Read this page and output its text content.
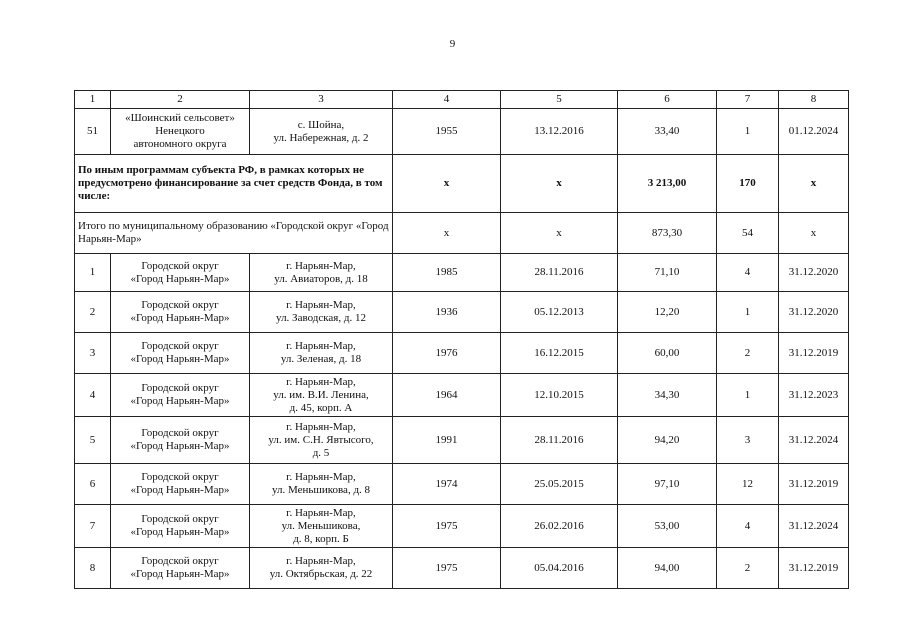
9
1	2	3	4	5	6	7	8
51	«Шоинский сельсовет»
Ненецкого
автономного округа	с. Шойна,
ул. Набережная, д. 2	1955	13.12.2016	33,40	1	01.12.2024
По иным программам субъекта РФ, в рамках которых не предусмотрено финансирование за счет средств Фонда, в том числе:			х	х	3 213,00	170	х
Итого по муниципальному образованию «Городской округ «Город Нарьян-Мар»			х	х	873,30	54	х
1	Городской округ
«Город Нарьян-Мар»	г. Нарьян-Мар,
ул. Авиаторов, д. 18	1985	28.11.2016	71,10	4	31.12.2020
2	Городской округ
«Город Нарьян-Мар»	г. Нарьян-Мар,
ул. Заводская, д. 12	1936	05.12.2013	12,20	1	31.12.2020
3	Городской округ
«Город Нарьян-Мар»	г. Нарьян-Мар,
ул. Зеленая, д. 18	1976	16.12.2015	60,00	2	31.12.2019
4	Городской округ
«Город Нарьян-Мар»	г. Нарьян-Мар,
ул. им. В.И. Ленина,
д. 45, корп. А	1964	12.10.2015	34,30	1	31.12.2023
5	Городской округ
«Город Нарьян-Мар»	г. Нарьян-Мар,
ул. им. С.Н. Явтысого,
д. 5	1991	28.11.2016	94,20	3	31.12.2024
6	Городской округ
«Город Нарьян-Мар»	г. Нарьян-Мар,
ул. Меньшикова, д. 8	1974	25.05.2015	97,10	12	31.12.2019
7	Городской округ
«Город Нарьян-Мар»	г. Нарьян-Мар,
ул. Меньшикова,
д. 8, корп. Б	1975	26.02.2016	53,00	4	31.12.2024
8	Городской округ
«Город Нарьян-Мар»	г. Нарьян-Мар,
ул. Октябрьская, д. 22	1975	05.04.2016	94,00	2	31.12.2019
